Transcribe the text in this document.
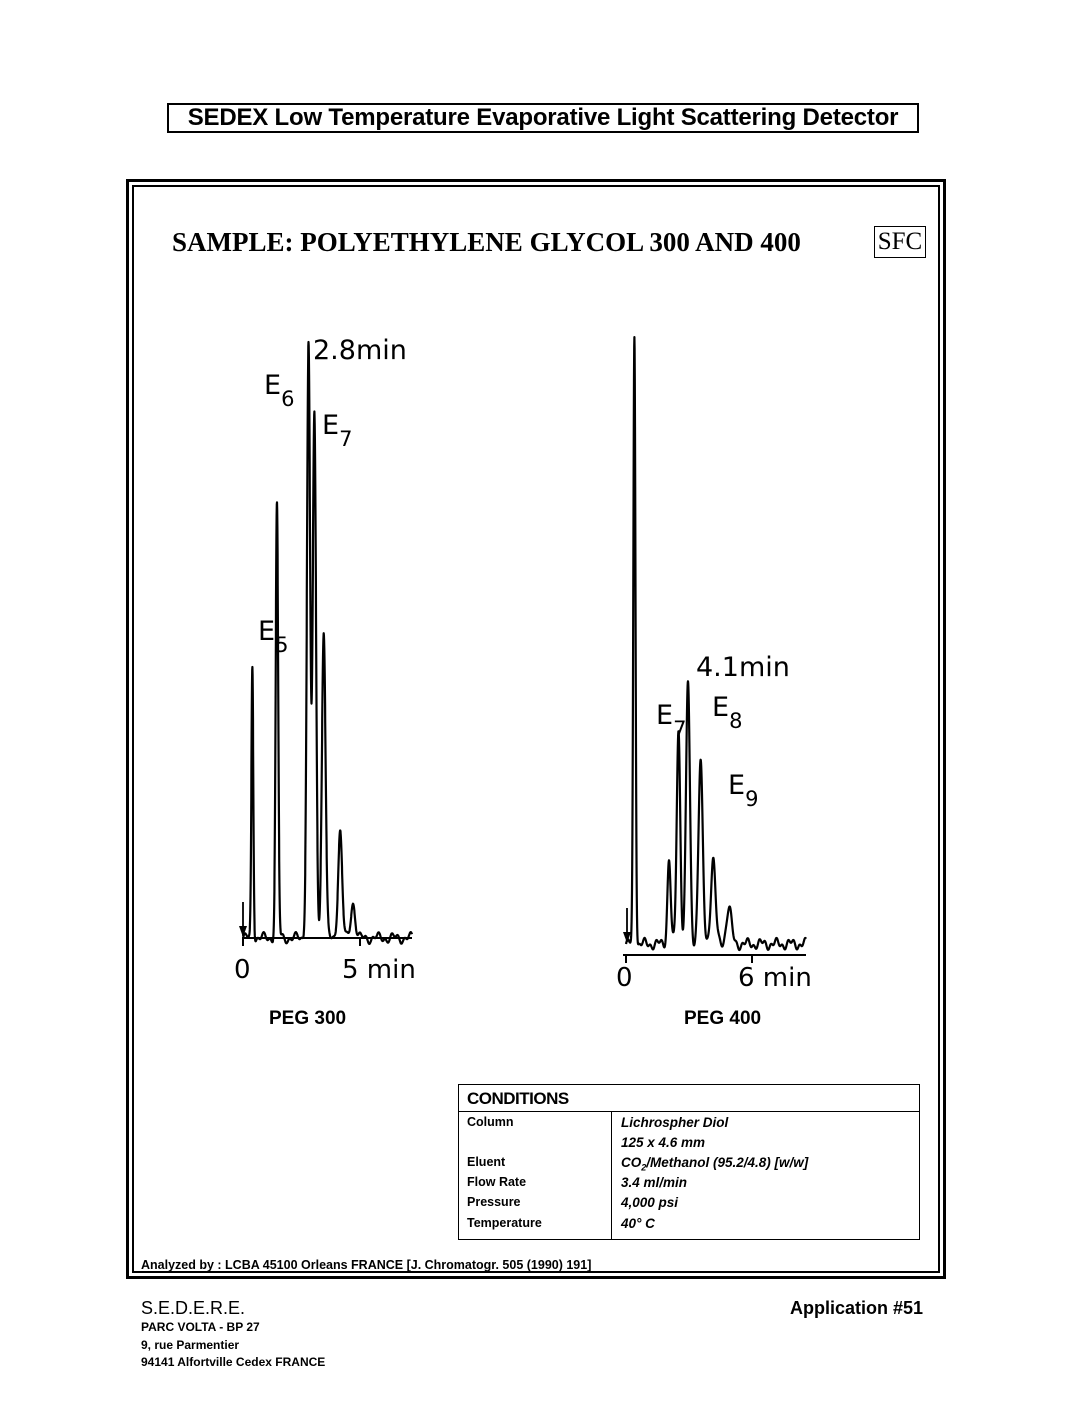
SEDEX Low Temperature Evaporative Light Scattering Detector
SAMPLE: POLYETHYLENE GLYCOL 300 AND 400	SFC
0	5 min
2.8min
E5
E6
E7
0	6 min
4.1min
E7
E8
E9
PEG 300	PEG 400
CONDITIONS
Column	Lichrospher Diol
125 x 4.6 mm
Eluent	$CO_2$/Methanol (95.2/4.8) [w/w]
Flow Rate	3.4 ml/min
Pressure	4,000 psi
Temperature	40° C
Analyzed by : LCBA 45100 Orleans FRANCE [J. Chromatogr. 505 (1990) 191]
S.E.D.E.R.E.
PARC VOLTA - BP 27
9, rue Parmentier
94141 Alfortville Cedex FRANCE
Application #51
